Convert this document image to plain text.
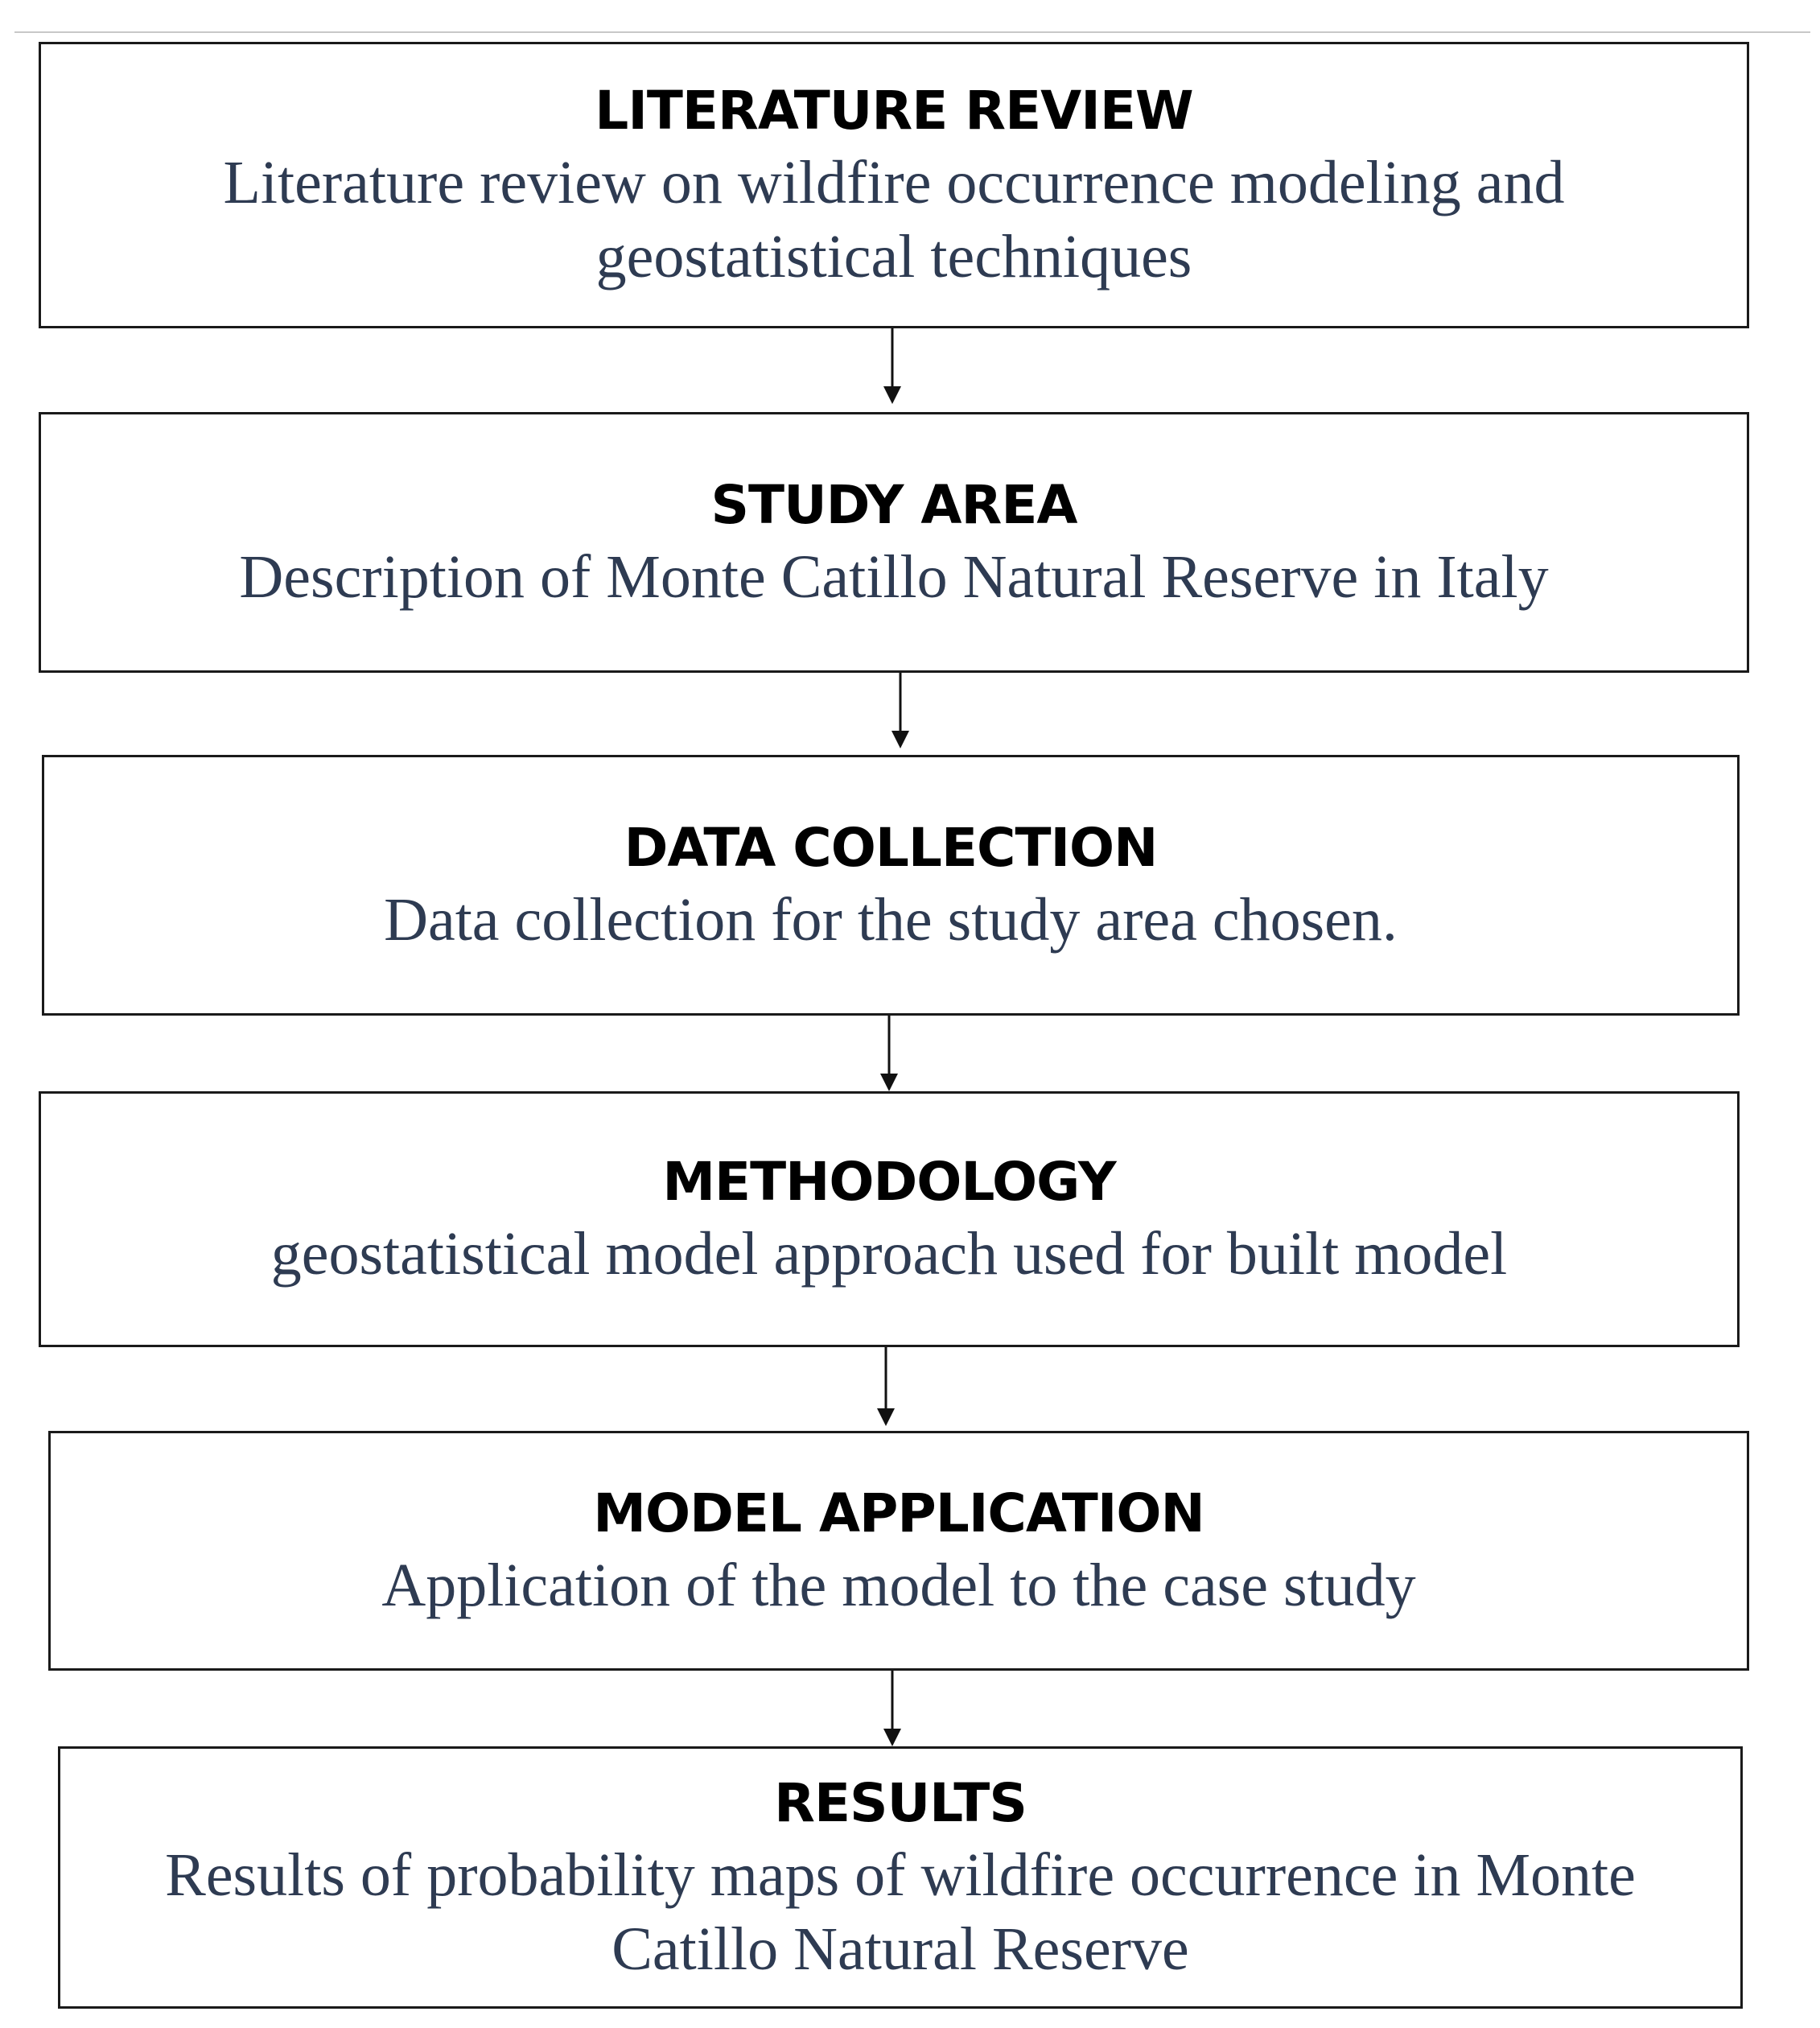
LITERATURE REVIEW
Literature review on wildfire occurrence modeling and geostatistical techniques
STUDY AREA
Description of Monte Catillo Natural Reserve in Italy
DATA COLLECTION
Data collection for the study area chosen.
METHODOLOGY
geostatistical model approach used for built model
MODEL APPLICATION
Application of the model to the case study
RESULTS
Results of probability maps of wildfire occurrence in Monte Catillo Natural Reserve
